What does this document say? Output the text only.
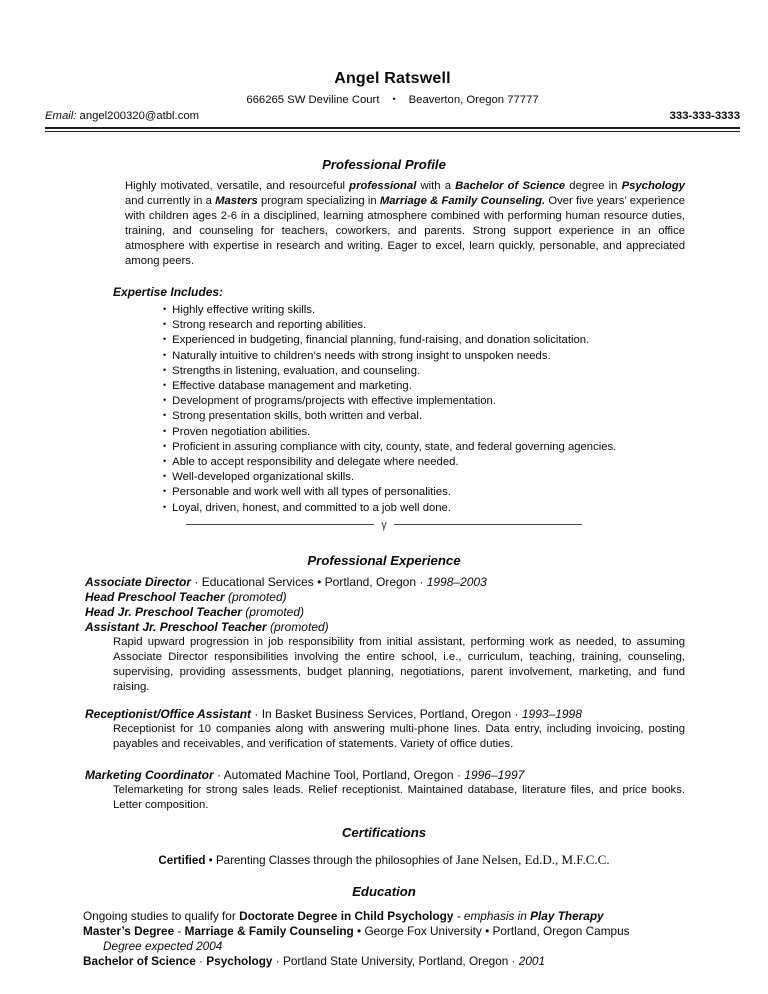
Angel Ratswell
666265 SW Deviline Court • Beaverton, Oregon 77777
Email: angel200320@atbl.com	333-333-3333
Professional Profile

Highly motivated, versatile, and resourceful professional with a Bachelor of Science degree in Psychology and currently in a Masters program specializing in Marriage & Family Counseling. Over five years’ experience with children ages 2-6 in a disciplined, learning atmosphere combined with performing human resource duties, training, and counseling for teachers, coworkers, and parents. Strong support experience in an office atmosphere with expertise in research and writing. Eager to excel, learn quickly, personable, and appreciated among peers.

Expertise Includes:
• Highly effective writing skills.
• Strong research and reporting abilities.
• Experienced in budgeting, financial planning, fund-raising, and donation solicitation.
• Naturally intuitive to children’s needs with strong insight to unspoken needs.
• Strengths in listening, evaluation, and counseling.
• Effective database management and marketing.
• Development of programs/projects with effective implementation.
• Strong presentation skills, both written and verbal.
• Proven negotiation abilities.
• Proficient in assuring compliance with city, county, state, and federal governing agencies.
• Able to accept responsibility and delegate where needed.
• Well-developed organizational skills.
• Personable and work well with all types of personalities.
• Loyal, driven, honest, and committed to a job well done.
γ
Professional Experience
Associate Director · Educational Services • Portland, Oregon · 1998–2003
Head Preschool Teacher (promoted)
Head Jr. Preschool Teacher (promoted)
Assistant Jr. Preschool Teacher (promoted)

Rapid upward progression in job responsibility from initial assistant, performing work as needed, to assuming Associate Director responsibilities involving the entire school, i.e., curriculum, teaching, training, counseling, supervising, providing assessments, budget planning, negotiations, parent involvement, marketing, and fund raising.

Receptionist/Office Assistant · In Basket Business Services, Portland, Oregon · 1993–1998

Receptionist for 10 companies along with answering multi-phone lines. Data entry, including invoicing, posting payables and receivables, and verification of statements. Variety of office duties.

Marketing Coordinator · Automated Machine Tool, Portland, Oregon · 1996–1997

Telemarketing for strong sales leads. Relief receptionist. Maintained database, literature files, and price books. Letter composition.

Certifications

Certified • Parenting Classes through the philosophies of Jane Nelsen, Ed.D., M.F.C.C.

Education
Ongoing studies to qualify for Doctorate Degree in Child Psychology - emphasis in Play Therapy
Master’s Degree - Marriage & Family Counseling • George Fox University • Portland, Oregon Campus
Degree expected 2004
Bachelor of Science · Psychology · Portland State University, Portland, Oregon · 2001
